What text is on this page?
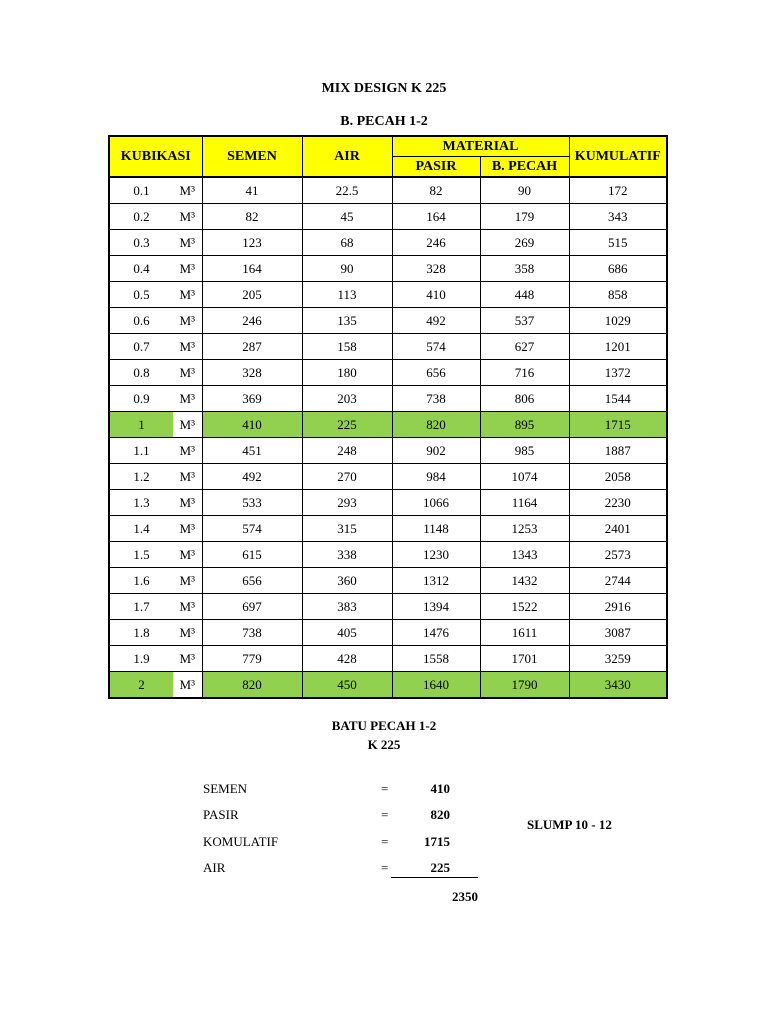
MIX DESIGN K 225
B. PECAH 1-2
KUBIKASI		SEMEN	AIR	MATERIAL		KUMULATIF
				PASIR	B. PECAH	
0.1	M³	41	22.5	82	90	172
0.2	M³	82	45	164	179	343
0.3	M³	123	68	246	269	515
0.4	M³	164	90	328	358	686
0.5	M³	205	113	410	448	858
0.6	M³	246	135	492	537	1029
0.7	M³	287	158	574	627	1201
0.8	M³	328	180	656	716	1372
0.9	M³	369	203	738	806	1544
1	M³	410	225	820	895	1715
1.1	M³	451	248	902	985	1887
1.2	M³	492	270	984	1074	2058
1.3	M³	533	293	1066	1164	2230
1.4	M³	574	315	1148	1253	2401
1.5	M³	615	338	1230	1343	2573
1.6	M³	656	360	1312	1432	2744
1.7	M³	697	383	1394	1522	2916
1.8	M³	738	405	1476	1611	3087
1.9	M³	779	428	1558	1701	3259
2	M³	820	450	1640	1790	3430
BATU PECAH 1-2
K 225
SEMEN	=	410
PASIR	=	820
KOMULATIF	=	1715
AIR	=	225
2350
SLUMP 10 - 12
